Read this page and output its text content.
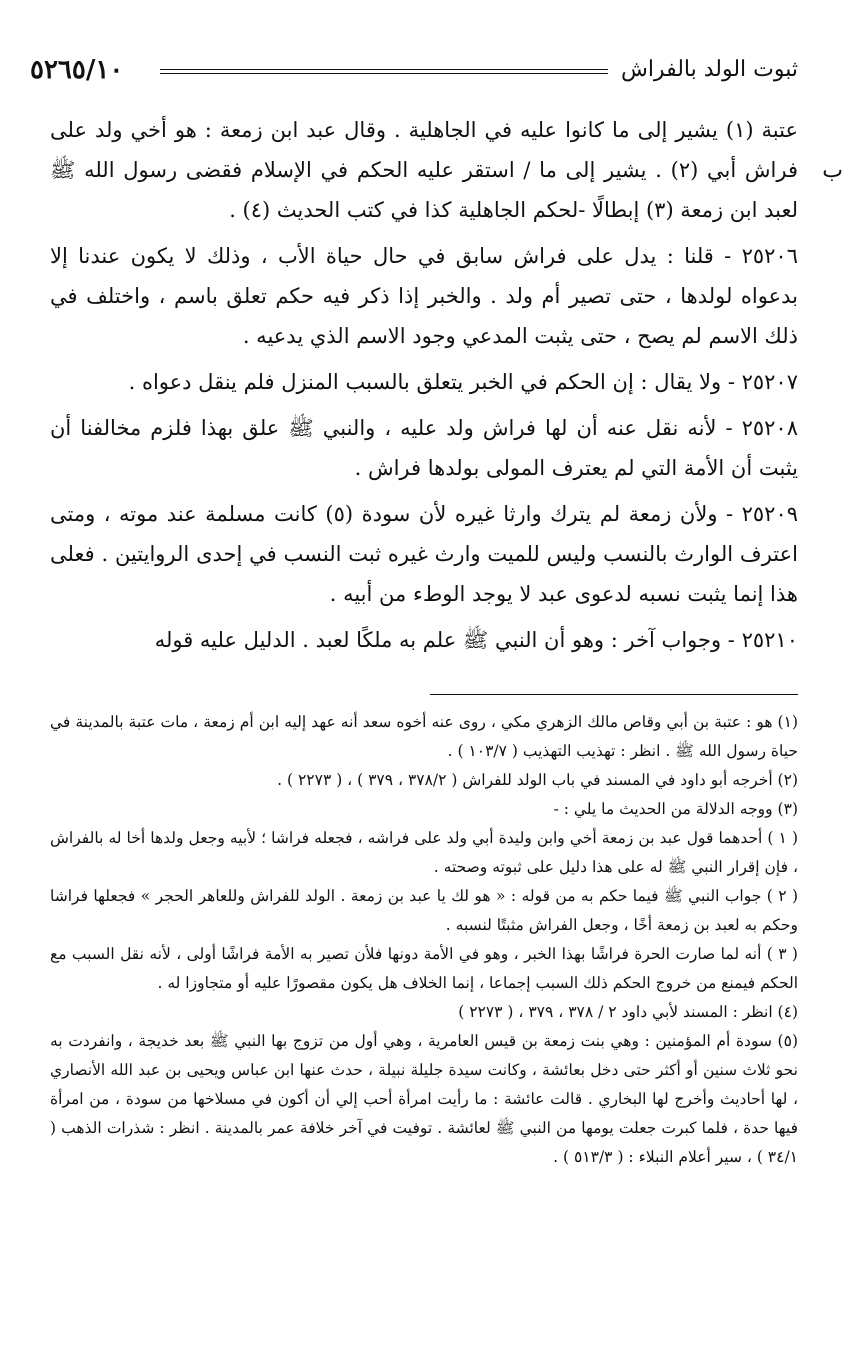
٥٢٦٥/١٠	ثبوت الولد بالفراش
ب

عتبة (١) يشير إلى ما كانوا عليه في الجاهلية . وقال عبد ابن زمعة : هو أخي ولد على فراش أبي (٢) . يشير إلى ما / استقر عليه الحكم في الإسلام فقضى رسول الله ﷺ لعبد ابن زمعة (٣) إبطالًا -لحكم الجاهلية كذا في كتب الحديث (٤) .

٢٥٢٠٦ - قلنا : يدل على فراش سابق في حال حياة الأب ، وذلك لا يكون عندنا إلا بدعواه لولدها ، حتى تصير أم ولد . والخبر إذا ذكر فيه حكم تعلق باسم ، واختلف في ذلك الاسم لم يصح ، حتى يثبت المدعي وجود الاسم الذي يدعيه .

٢٥٢٠٧ - ولا يقال : إن الحكم في الخبر يتعلق بالسبب المنزل فلم ينقل دعواه .

٢٥٢٠٨ - لأنه نقل عنه أن لها فراش ولد عليه ، والنبي ﷺ علق بهذا فلزم مخالفنا أن يثبت أن الأمة التي لم يعترف المولى بولدها فراش .

٢٥٢٠٩ - ولأن زمعة لم يترك وارثا غيره لأن سودة (٥) كانت مسلمة عند موته ، ومتى اعترف الوارث بالنسب وليس للميت وارث غيره ثبت النسب في إحدى الروايتين . فعلى هذا إنما يثبت نسبه لدعوى عبد لا يوجد الوطء من أبيه .

٢٥٢١٠ - وجواب آخر : وهو أن النبي ﷺ علم به ملكًا لعبد . الدليل عليه قوله

(١) هو : عتبة بن أبي وقاص مالك الزهري مكي ، روى عنه أخوه سعد أنه عهد إليه ابن أم زمعة ، مات عتبة بالمدينة في حياة رسول الله ﷺ . انظر : تهذيب التهذيب ( ١٠٣/٧ ) .

(٢) أخرجه أبو داود في المسند في باب الولد للفراش ( ٣٧٨/٢ ، ٣٧٩ ) ، ( ٢٢٧٣ ) .

(٣) ووجه الدلالة من الحديث ما يلي : -

( ١ ) أحدهما قول عبد بن زمعة أخي وابن وليدة أبي ولد على فراشه ، فجعله فراشا ؛ لأبيه وجعل ولدها أخا له بالفراش ، فإن إقرار النبي ﷺ له على هذا دليل على ثبوته وصحته .

( ٢ ) جواب النبي ﷺ فيما حكم به من قوله : « هو لك يا عبد بن زمعة . الولد للفراش وللعاهر الحجر » فجعلها فراشا وحكم به لعبد بن زمعة أخًا ، وجعل الفراش مثبتًا لنسبه .

( ٣ ) أنه لما صارت الحرة فراشًا بهذا الخبر ، وهو في الأمة دونها فلأن تصير به الأمة فراشًا أولى ، لأنه نقل السبب مع الحكم فيمنع من خروج الحكم ذلك السبب إجماعا ، إنما الخلاف هل يكون مقصورًا عليه أو متجاوزا له .

(٤) انظر : المسند لأبي داود ٢ / ٣٧٨ ، ٣٧٩ ، ( ٢٢٧٣ )

(٥) سودة أم المؤمنين : وهي بنت زمعة بن قيس العامرية ، وهي أول من تزوج بها النبي ﷺ بعد خديجة ، وانفردت به نحو ثلاث سنين أو أكثر حتى دخل بعائشة ، وكانت سيدة جليلة نبيلة ، حدث عنها ابن عباس ويحيى بن عبد الله الأنصاري ، لها أحاديث وأخرج لها البخاري . قالت عائشة : ما رأيت امرأة أحب إلي أن أكون في مسلاخها من سودة ، من امرأة فيها حدة ، فلما كبرت جعلت يومها من النبي ﷺ لعائشة . توفيت في آخر خلافة عمر بالمدينة . انظر : شذرات الذهب ( ٣٤/١ ) ، سير أعلام النبلاء : ( ٥١٣/٣ ) .
